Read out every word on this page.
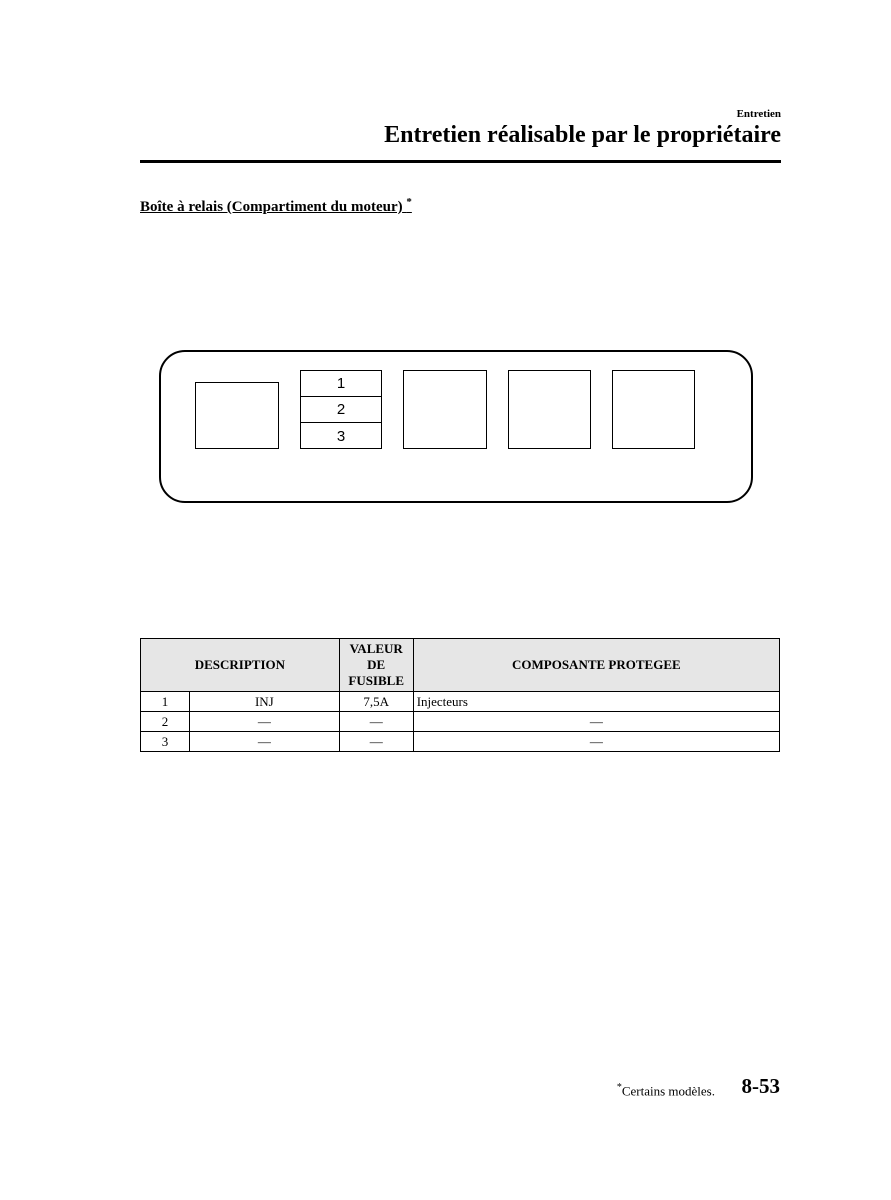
Entretien
Entretien réalisable par le propriétaire
Boîte à relais (Compartiment du moteur) *
1
2
3
DESCRIPTION		VALEUR DE FUSIBLE	COMPOSANTE PROTEGEE
1	INJ	7,5A	Injecteurs
2	—	—	—
3	—	—	—
*Certains modèles. 8-53
